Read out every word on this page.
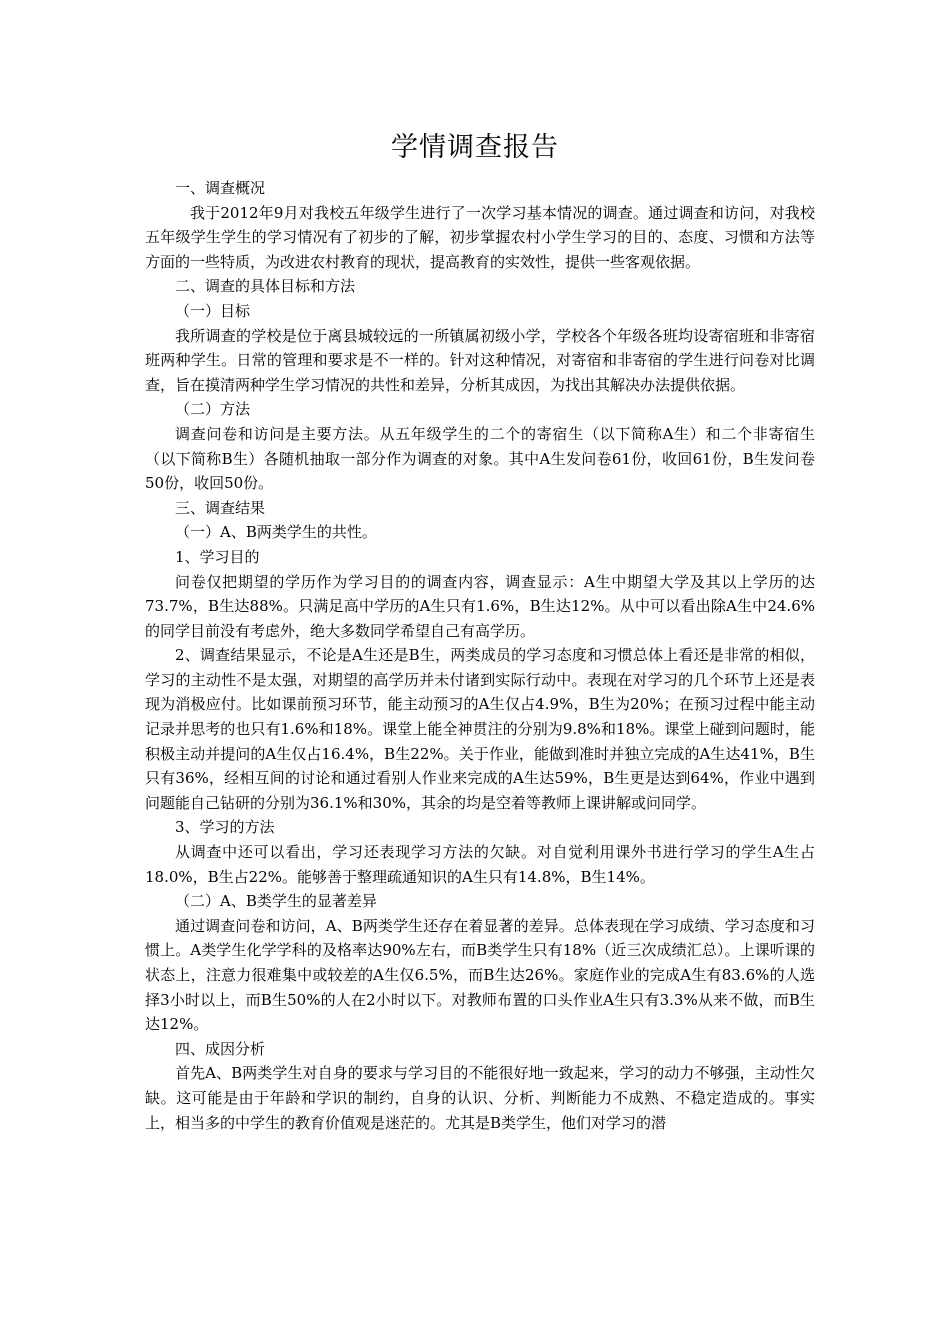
学情调查报告

一、调查概况

我于2012年9月对我校五年级学生进行了一次学习基本情况的调查。通过调查和访问，对我校五年级学生学生的学习情况有了初步的了解，初步掌握农村小学生学习的目的、态度、习惯和方法等方面的一些特质，为改进农村教育的现状，提高教育的实效性，提供一些客观依据。

二、调查的具体目标和方法

（一）目标

我所调查的学校是位于离县城较远的一所镇属初级小学，学校各个年级各班均设寄宿班和非寄宿班两种学生。日常的管理和要求是不一样的。针对这种情况，对寄宿和非寄宿的学生进行问卷对比调查，旨在摸清两种学生学习情况的共性和差异，分析其成因，为找出其解决办法提供依据。

（二）方法

调查问卷和访问是主要方法。从五年级学生的二个的寄宿生（以下简称A生）和二个非寄宿生（以下简称B生）各随机抽取一部分作为调查的对象。其中A生发问卷61份，收回61份，B生发问卷50份，收回50份。

三、调查结果

（一）A、B两类学生的共性。

1、学习目的

问卷仅把期望的学历作为学习目的的调查内容，调查显示：A生中期望大学及其以上学历的达73.7%，B生达88%。只满足高中学历的A生只有1.6%，B生达12%。从中可以看出除A生中24.6%的同学目前没有考虑外，绝大多数同学希望自己有高学历。

2、调查结果显示，不论是A生还是B生，两类成员的学习态度和习惯总体上看还是非常的相似，学习的主动性不是太强，对期望的高学历并未付诸到实际行动中。表现在对学习的几个环节上还是表现为消极应付。比如课前预习环节，能主动预习的A生仅占4.9%，B生为20%；在预习过程中能主动记录并思考的也只有1.6%和18%。课堂上能全神贯注的分别为9.8%和18%。课堂上碰到问题时，能积极主动并提问的A生仅占16.4%，B生22%。关于作业，能做到准时并独立完成的A生达41%，B生只有36%，经相互间的讨论和通过看别人作业来完成的A生达59%，B生更是达到64%，作业中遇到问题能自己钻研的分别为36.1%和30%，其余的均是空着等教师上课讲解或问同学。

3、学习的方法

从调查中还可以看出，学习还表现学习方法的欠缺。对自觉利用课外书进行学习的学生A生占18.0%，B生占22%。能够善于整理疏通知识的A生只有14.8%，B生14%。

（二）A、B类学生的显著差异

通过调查问卷和访问，A、B两类学生还存在着显著的差异。总体表现在学习成绩、学习态度和习惯上。A类学生化学学科的及格率达90%左右，而B类学生只有18%（近三次成绩汇总）。上课听课的状态上，注意力很难集中或较差的A生仅6.5%，而B生达26%。家庭作业的完成A生有83.6%的人选择3小时以上，而B生50%的人在2小时以下。对教师布置的口头作业A生只有3.3%从来不做，而B生达12%。

四、成因分析

首先A、B两类学生对自身的要求与学习目的不能很好地一致起来，学习的动力不够强，主动性欠缺。这可能是由于年龄和学识的制约，自身的认识、分析、判断能力不成熟、不稳定造成的。事实上，相当多的中学生的教育价值观是迷茫的。尤其是B类学生，他们对学习的潜
